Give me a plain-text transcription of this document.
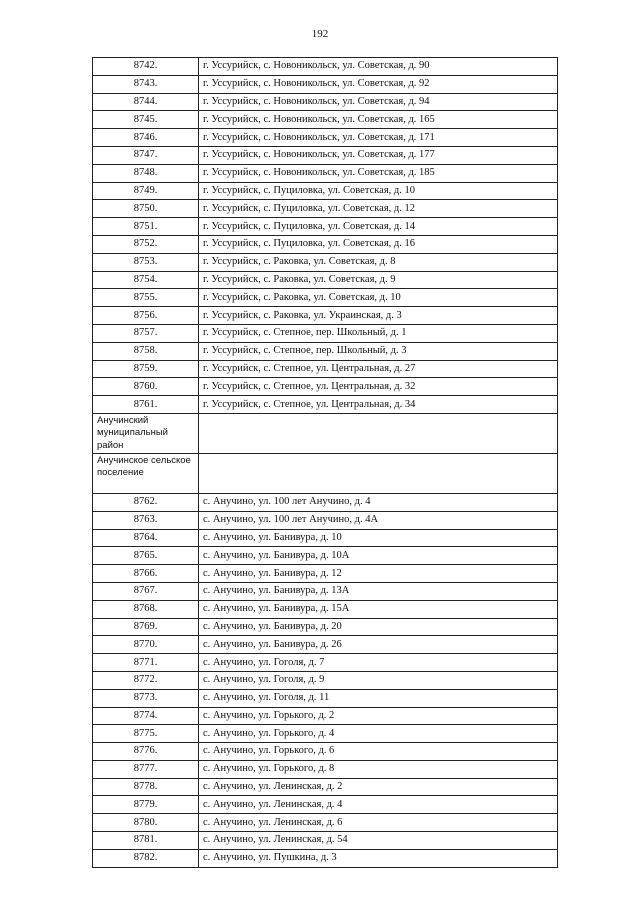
192
8742.	г. Уссурийск, с. Новоникольск, ул. Советская, д. 90
8743.	г. Уссурийск, с. Новоникольск, ул. Советская, д. 92
8744.	г. Уссурийск, с. Новоникольск, ул. Советская, д. 94
8745.	г. Уссурийск, с. Новоникольск, ул. Советская, д. 165
8746.	г. Уссурийск, с. Новоникольск, ул. Советская, д. 171
8747.	г. Уссурийск, с. Новоникольск, ул. Советская, д. 177
8748.	г. Уссурийск, с. Новоникольск, ул. Советская, д. 185
8749.	г. Уссурийск, с. Пуциловка, ул. Советская, д. 10
8750.	г. Уссурийск, с. Пуциловка, ул. Советская, д. 12
8751.	г. Уссурийск, с. Пуциловка, ул. Советская, д. 14
8752.	г. Уссурийск, с. Пуциловка, ул. Советская, д. 16
8753.	г. Уссурийск, с. Раковка, ул. Советская, д. 8
8754.	г. Уссурийск, с. Раковка, ул. Советская, д. 9
8755.	г. Уссурийск, с. Раковка, ул. Советская, д. 10
8756.	г. Уссурийск, с. Раковка, ул. Украинская, д. 3
8757.	г. Уссурийск, с. Степное, пер. Школьный, д. 1
8758.	г. Уссурийск, с. Степное, пер. Школьный, д. 3
8759.	г. Уссурийск, с. Степное, ул. Центральная, д. 27
8760.	г. Уссурийск, с. Степное, ул. Центральная, д. 32
8761.	г. Уссурийск, с. Степное, ул. Центральная, д. 34
Анучинский муниципальный район	
Анучинское сельское поселение	
8762.	с. Анучино, ул. 100 лет Анучино, д. 4
8763.	с. Анучино, ул. 100 лет Анучино, д. 4А
8764.	с. Анучино, ул. Банивура, д. 10
8765.	с. Анучино, ул. Банивура, д. 10А
8766.	с. Анучино, ул. Банивура, д. 12
8767.	с. Анучино, ул. Банивура, д. 13А
8768.	с. Анучино, ул. Банивура, д. 15А
8769.	с. Анучино, ул. Банивура, д. 20
8770.	с. Анучино, ул. Банивура, д. 26
8771.	с. Анучино, ул. Гоголя, д. 7
8772.	с. Анучино, ул. Гоголя, д. 9
8773.	с. Анучино, ул. Гоголя, д. 11
8774.	с. Анучино, ул. Горького, д. 2
8775.	с. Анучино, ул. Горького, д. 4
8776.	с. Анучино, ул. Горького, д. 6
8777.	с. Анучино, ул. Горького, д. 8
8778.	с. Анучино, ул. Ленинская, д. 2
8779.	с. Анучино, ул. Ленинская, д. 4
8780.	с. Анучино, ул. Ленинская, д. 6
8781.	с. Анучино, ул. Ленинская, д. 54
8782.	с. Анучино, ул. Пушкина, д. 3
